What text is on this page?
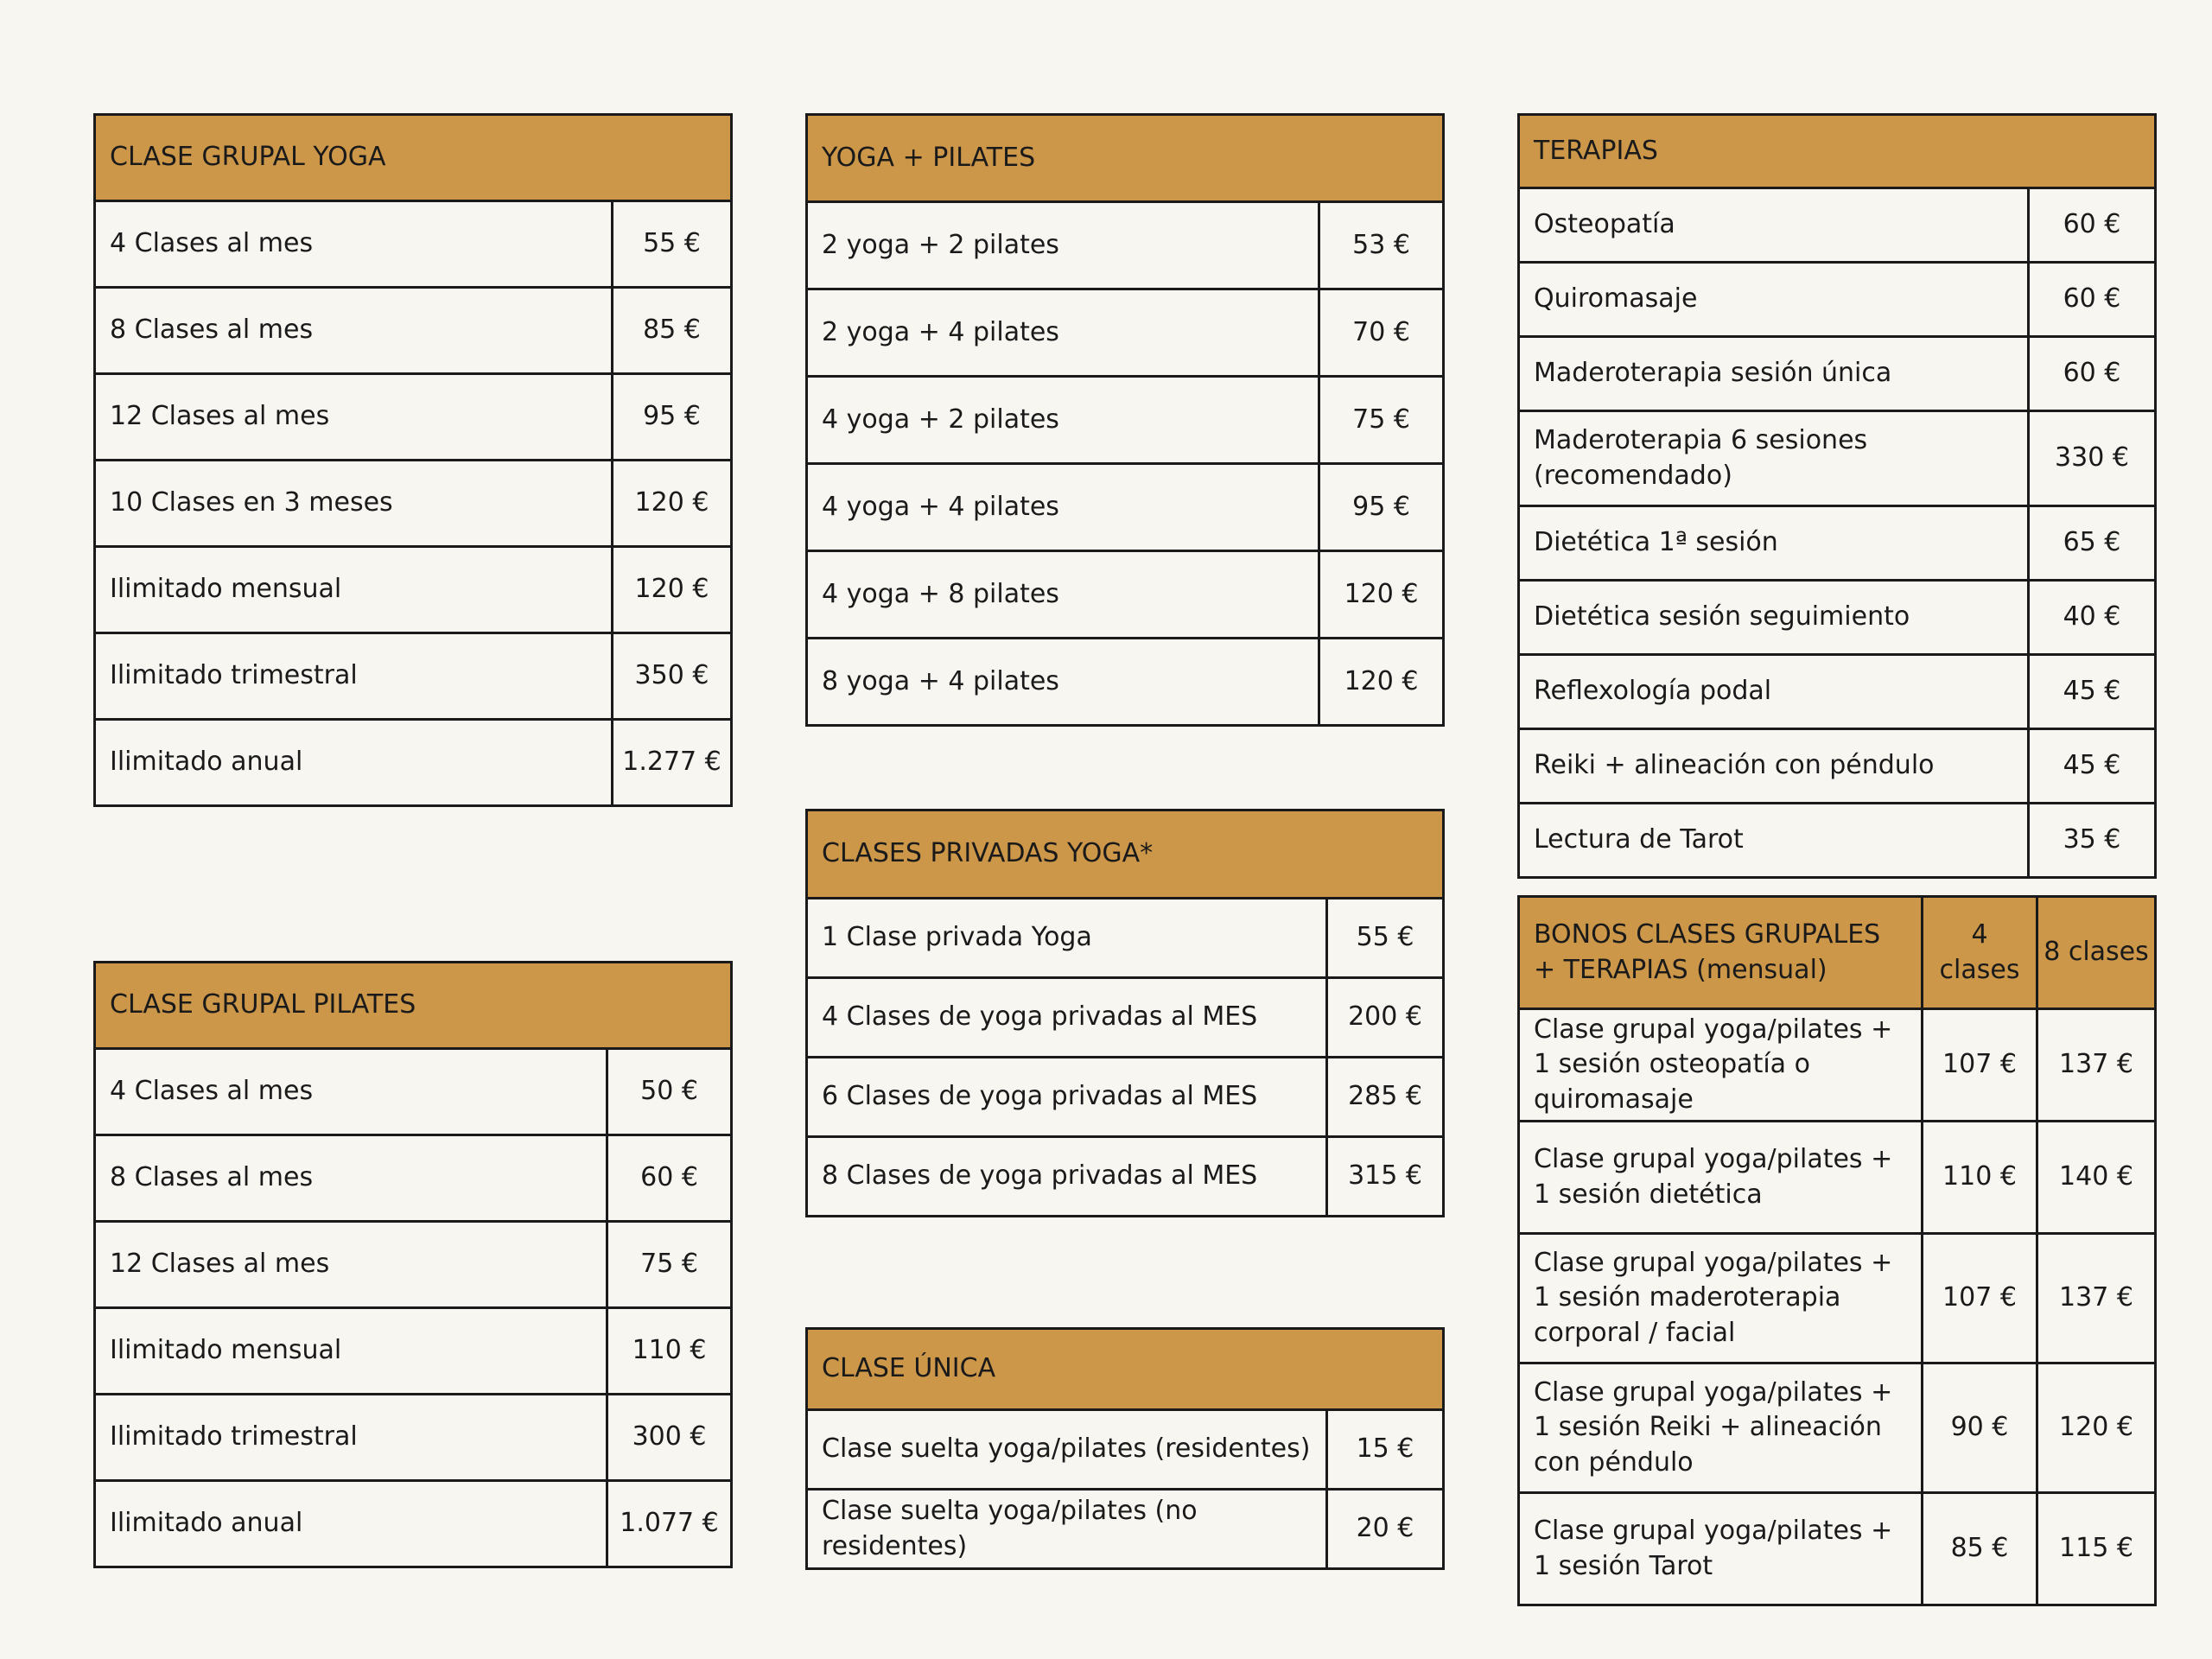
CLASE GRUPAL YOGA	
4 Clases al mes	55 €
8 Clases al mes	85 €
12 Clases al mes	95 €
10 Clases en 3 meses	120 €
Ilimitado mensual	120 €
Ilimitado trimestral	350 €
Ilimitado anual	1.277 €
CLASE GRUPAL PILATES	
4 Clases al mes	50 €
8 Clases al mes	60 €
12 Clases al mes	75 €
Ilimitado mensual	110 €
Ilimitado trimestral	300 €
Ilimitado anual	1.077 €
YOGA + PILATES	
2 yoga + 2 pilates	53 €
2 yoga + 4 pilates	70 €
4 yoga + 2 pilates	75 €
4 yoga + 4 pilates	95 €
4 yoga + 8 pilates	120 €
8 yoga + 4 pilates	120 €
CLASES PRIVADAS YOGA*	
1 Clase privada Yoga	55 €
4 Clases de yoga privadas al MES	200 €
6 Clases de yoga privadas al MES	285 €
8 Clases de yoga privadas al MES	315 €
CLASE ÚNICA	
Clase suelta yoga/pilates (residentes)	15 €
Clase suelta yoga/pilates (no residentes)	20 €
TERAPIAS	
Osteopatía	60 €
Quiromasaje	60 €
Maderoterapia sesión única	60 €
Maderoterapia 6 sesiones (recomendado)	330 €
Dietética 1ª sesión	65 €
Dietética sesión seguimiento	40 €
Reflexología podal	45 €
Reiki + alineación con péndulo	45 €
Lectura de Tarot	35 €
BONOS CLASES GRUPALES + TERAPIAS (mensual)	4 clases	8 clases
Clase grupal yoga/pilates + 1 sesión osteopatía o quiromasaje	107 €	137 €
Clase grupal yoga/pilates + 1 sesión dietética	110 €	140 €
Clase grupal yoga/pilates + 1 sesión maderoterapia corporal / facial	107 €	137 €
Clase grupal yoga/pilates + 1 sesión Reiki + alineación con péndulo	90 €	120 €
Clase grupal yoga/pilates + 1 sesión Tarot	85 €	115 €
